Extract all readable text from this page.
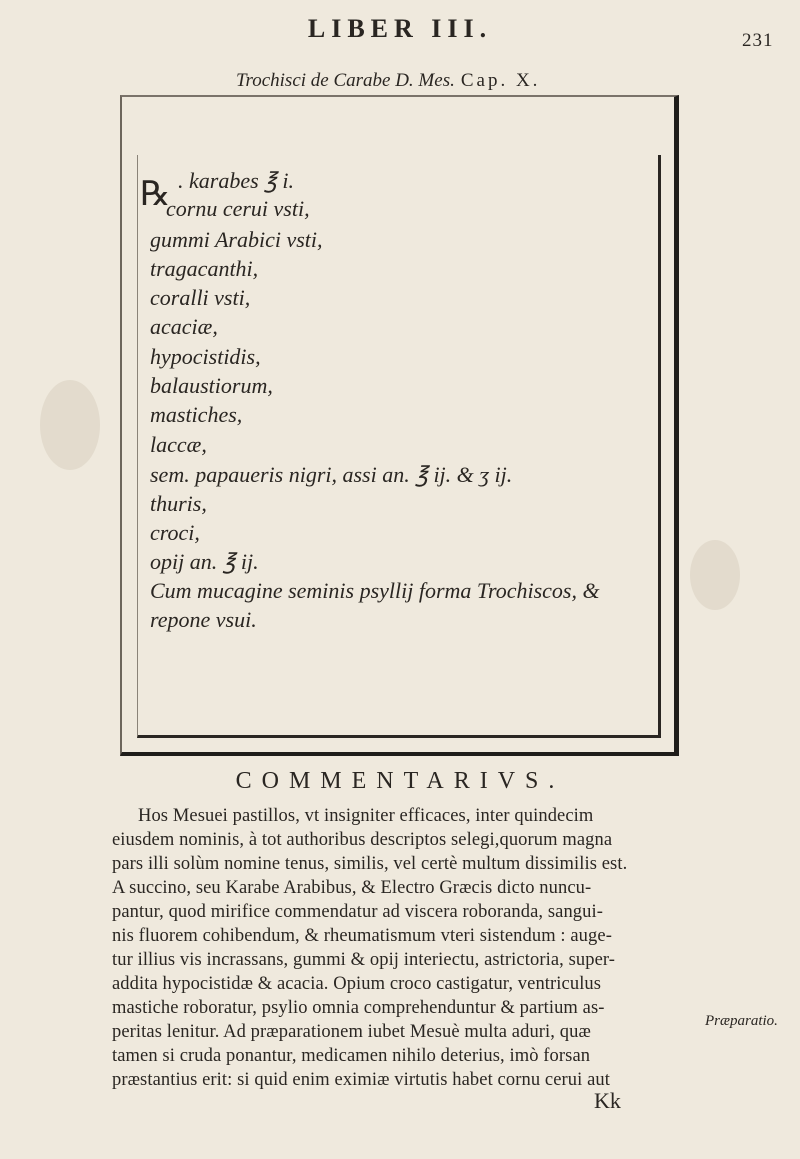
LIBER III.	231
Trochisci de Carabe D. Mes. Cap. X.
℞ . karabes ℥ i.
cornu cerui vsti,
gummi Arabici vsti,
tragacanthi,
coralli vsti,
acaciæ,
hypocistidis,
balaustiorum,
mastiches,
laccæ,
sem. papaueris nigri, assi an. ℥ ij. & ʒ ij.
thuris,
croci,
opij an. ℥ ij.
Cum mucagine seminis psyllij forma Trochiscos, &
repone vsui.
COMMENTARIVS.
Hos Mesuei pastillos, vt insigniter efficaces, inter quindecim
eiusdem nominis, à tot authoribus descriptos selegi,quorum magna
pars illi solùm nomine tenus, similis, vel certè multum dissimilis est.
A succino, seu Karabe Arabibus, & Electro Græcis dicto nuncu-
pantur, quod mirifice commendatur ad viscera roboranda, sangui-
nis fluorem cohibendum, & rheumatismum vteri sistendum : auge-
tur illius vis incrassans, gummi & opij interiectu, astrictoria, super-
addita hypocistidæ & acacia. Opium croco castigatur, ventriculus
mastiche roboratur, psylio omnia comprehenduntur & partium as-
peritas lenitur. Ad præparationem iubet Mesuè multa aduri, quæ
tamen si cruda ponantur, medicamen nihilo deterius, imò forsan
præstantius erit: si quid enim eximiæ virtutis habet cornu cerui aut
Præparatio.
Kk
